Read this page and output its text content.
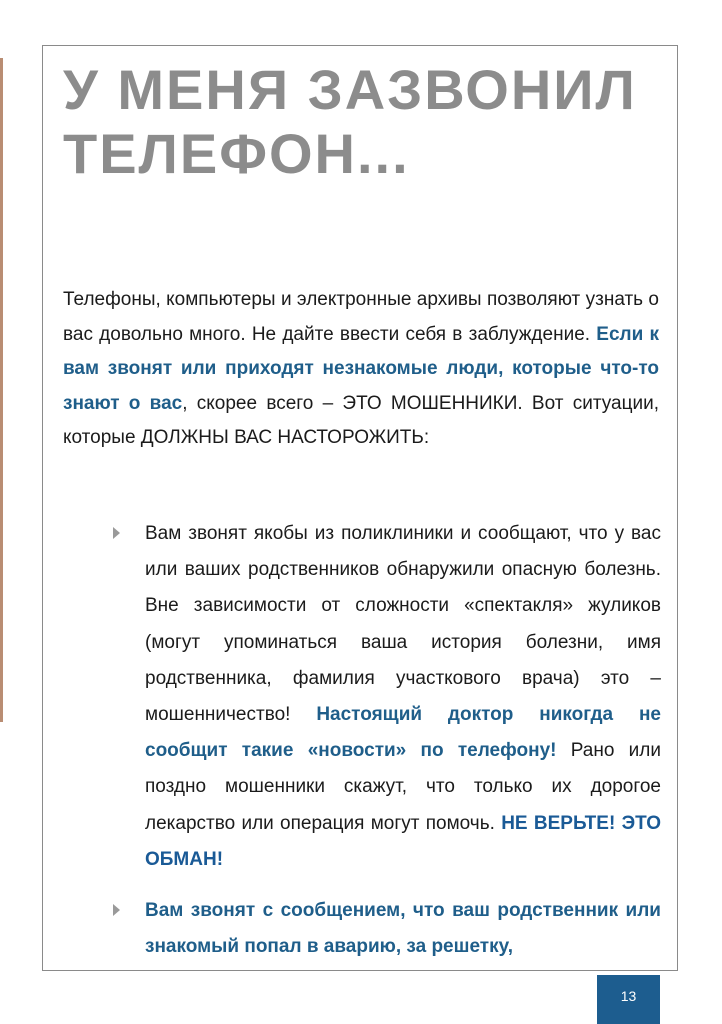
У МЕНЯ ЗАЗВОНИЛ ТЕЛЕФОН...

Телефоны, компьютеры и электронные архивы позволяют узнать о вас довольно много. Не дайте ввести себя в заблуждение. Если к вам звонят или приходят незнакомые люди, которые что-то знают о вас, скорее всего – ЭТО МОШЕННИКИ. Вот ситуации, которые ДОЛЖНЫ ВАС НАСТОРОЖИТЬ:

Вам звонят якобы из поликлиники и сообщают, что у вас или ваших родственников обнаружили опасную болезнь. Вне зависимости от сложности «спектакля» жуликов (могут упоминаться ваша история болезни, имя родственника, фамилия участкового врача) это – мошенничество! Настоящий доктор никогда не сообщит такие «новости» по телефону! Рано или поздно мошенники скажут, что только их дорогое лекарство или операция могут помочь. НЕ ВЕРЬТЕ! ЭТО ОБМАН!

Вам звонят с сообщением, что ваш родственник или знакомый попал в аварию, за решетку,

13
